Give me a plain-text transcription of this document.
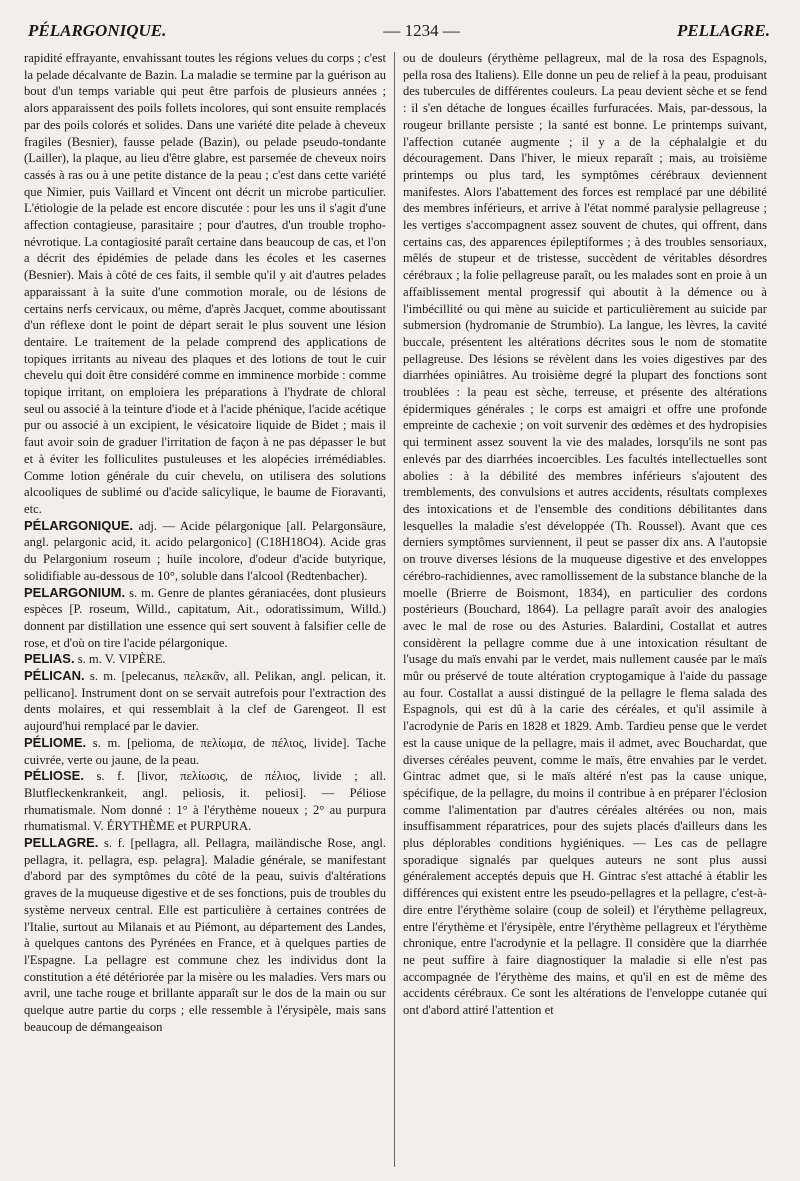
PÉLARGONIQUE.	— 1234 —	PELLAGRE.

rapidité effrayante, envahissant toutes les régions velues du corps ; c'est la pelade décalvante de Bazin. La maladie se termine par la guérison au bout d'un temps variable qui peut être parfois de plusieurs années ; alors apparaissent des poils follets incolores, qui sont ensuite remplacés par des poils colorés et solides. Dans une variété dite pelade à cheveux fragiles (Besnier), fausse pelade (Bazin), ou pelade pseudo-tondante (Lailler), la plaque, au lieu d'être glabre, est parsemée de cheveux noirs cassés à ras ou à une petite distance de la peau ; c'est dans cette variété que Nimier, puis Vaillard et Vincent ont décrit un microbe particulier. L'étiologie de la pelade est encore discutée : pour les uns il s'agit d'une affection contagieuse, parasitaire ; pour d'autres, d'un trouble tropho-névrotique. La contagiosité paraît certaine dans beaucoup de cas, et l'on a décrit des épidémies de pelade dans les écoles et les casernes (Besnier). Mais à côté de ces faits, il semble qu'il y ait d'autres pelades apparaissant à la suite d'une commotion morale, ou de lésions de certains nerfs cervicaux, ou même, d'après Jacquet, comme aboutissant d'un réflexe dont le point de départ serait le plus souvent une lésion dentaire. Le traitement de la pelade comprend des applications de topiques irritants au niveau des plaques et des lotions de tout le cuir chevelu qui doit être considéré comme en imminence morbide : comme topique irritant, on emploiera les préparations à l'hydrate de chloral seul ou associé à la teinture d'iode et à l'acide phénique, l'acide acétique pur ou associé à un excipient, le vésicatoire liquide de Bidet ; mais il faut avoir soin de graduer l'irritation de façon à ne pas dépasser le but et à éviter les folliculites pustuleuses et les alopécies irrémédiables. Comme lotion générale du cuir chevelu, on utilisera des solutions alcooliques de sublimé ou d'acide salicylique, le baume de Fioravanti, etc.

PÉLARGONIQUE. adj. — Acide pélargonique [all. Pelargonsäure, angl. pelargonic acid, it. acido pelargonico] (C18H18O4). Acide gras du Pelargonium roseum ; huile incolore, d'odeur d'acide butyrique, solidifiable au-dessous de 10°, soluble dans l'alcool (Redtenbacher).

PELARGONIUM. s. m. Genre de plantes géraniacées, dont plusieurs espèces [P. roseum, Willd., capitatum, Ait., odoratissimum, Willd.) donnent par distillation une essence qui sert souvent à falsifier celle de rose, et d'où on tire l'acide pélargonique.

PELIAS. s. m. V. VIPÈRE.

PÉLICAN. s. m. [pelecanus, πελεκᾶν, all. Pelikan, angl. pelican, it. pellicano]. Instrument dont on se servait autrefois pour l'extraction des dents molaires, et qui ressemblait à la clef de Garengeot. Il est aujourd'hui remplacé par le davier.

PÉLIOME. s. m. [pelioma, de πελίωμα, de πέλιος, livide]. Tache cuivrée, verte ou jaune, de la peau.

PÉLIOSE. s. f. [livor, πελίωσις, de πέλιος, livide ; all. Blutfleckenkrankeit, angl. peliosis, it. peliosi]. — Péliose rhumatismale. Nom donné : 1° à l'érythème noueux ; 2° au purpura rhumatismal. V. ÉRYTHÈME et PURPURA.

PELLAGRE. s. f. [pellagra, all. Pellagra, mailändische Rose, angl. pellagra, it. pellagra, esp. pelagra]. Maladie générale, se manifestant d'abord par des symptômes du côté de la peau, suivis d'altérations graves de la muqueuse digestive et de ses fonctions, puis de troubles du système nerveux central. Elle est particulière à certaines contrées de l'Italie, surtout au Milanais et au Piémont, au département des Landes, à quelques cantons des Pyrénées en France, et à quelques parties de l'Espagne. La pellagre est commune chez les individus dont la constitution a été détériorée par la misère ou les maladies. Vers mars ou avril, une tache rouge et brillante apparaît sur le dos de la main ou sur quelque autre partie du corps ; elle ressemble à l'érysipèle, mais sans beaucoup de démangeaison

ou de douleurs (érythème pellagreux, mal de la rosa des Espagnols, pella rosa des Italiens). Elle donne un peu de relief à la peau, produisant des tubercules de différentes couleurs. La peau devient sèche et se fend : il s'en détache de longues écailles furfuracées. Mais, par-dessous, la rougeur brillante persiste ; la santé est bonne. Le printemps suivant, l'affection cutanée augmente ; il y a de la céphalalgie et du découragement. Dans l'hiver, le mieux reparaît ; mais, au troisième printemps ou plus tard, les symptômes cérébraux deviennent manifestes. Alors l'abattement des forces est remplacé par une débilité des membres inférieurs, et arrive à l'état nommé paralysie pellagreuse ; les vertiges s'accompagnent assez souvent de chutes, qui offrent, dans certains cas, des apparences épileptiformes ; à des troubles sensoriaux, mêlés de stupeur et de tristesse, succèdent de véritables désordres cérébraux ; la folie pellagreuse paraît, ou les malades sont en proie à un affaiblissement mental progressif qui aboutit à la démence ou à l'imbécillité ou qui mène au suicide et particulièrement au suicide par submersion (hydromanie de Strumbio). La langue, les lèvres, la cavité buccale, présentent les altérations décrites sous le nom de stomatite pellagreuse. Des lésions se révèlent dans les voies digestives par des diarrhées opiniâtres. Au troisième degré la plupart des fonctions sont troublées : la peau est sèche, terreuse, et présente des altérations épidermiques générales ; le corps est amaigri et offre une profonde empreinte de cachexie ; on voit survenir des œdèmes et des hydropisies qui terminent assez souvent la vie des malades, lorsqu'ils ne sont pas enlevés par des diarrhées incoercibles. Les facultés intellectuelles sont abolies : à la débilité des membres inférieurs s'ajoutent des tremblements, des convulsions et autres accidents, résultats complexes des intoxications et de l'ensemble des conditions débilitantes dans lesquelles la maladie s'est développée (Th. Roussel). Avant que ces derniers symptômes surviennent, il peut se passer dix ans. A l'autopsie on trouve diverses lésions de la muqueuse digestive et des enveloppes cérébro-rachidiennes, avec ramollissement de la substance blanche de la moelle (Brierre de Boismont, 1834), en particulier des cordons postérieurs (Bouchard, 1864). La pellagre paraît avoir des analogies avec le mal de rose ou des Asturies. Balardini, Costallat et autres considèrent la pellagre comme due à une intoxication résultant de l'usage du maïs envahi par le verdet, mais nullement causée par le maïs mûr ou préservé de toute altération cryptogamique à l'aide du passage au four. Costallat a aussi distingué de la pellagre le flema salada des Espagnols, qui est dû à la carie des céréales, et qu'il assimile à l'acrodynie de Paris en 1828 et 1829. Amb. Tardieu pense que le verdet est la cause unique de la pellagre, mais il admet, avec Bouchardat, que diverses céréales peuvent, comme le maïs, être envahies par le verdet. Gintrac admet que, si le maïs altéré n'est pas la cause unique, spécifique, de la pellagre, du moins il contribue à en préparer l'éclosion comme l'alimentation par d'autres céréales altérées ou non, mais insuffisamment réparatrices, pour des sujets placés d'ailleurs dans les plus déplorables conditions hygiéniques. — Les cas de pellagre sporadique signalés par quelques auteurs ne sont plus aussi généralement acceptés depuis que H. Gintrac s'est attaché à établir les différences qui existent entre les pseudo-pellagres et la pellagre, c'est-à-dire entre l'érythème solaire (coup de soleil) et l'érythème pellagreux, entre l'érythème et l'érysipèle, entre l'érythème pellagreux et l'érythème chronique, entre l'acrodynie et la pellagre. Il considère que la diarrhée ne peut suffire à faire diagnostiquer la maladie si elle n'est pas accompagnée de l'érythème des mains, et qu'il en est de même des accidents cérébraux. Ce sont les altérations de l'enveloppe cutanée qui ont d'abord attiré l'attention et
